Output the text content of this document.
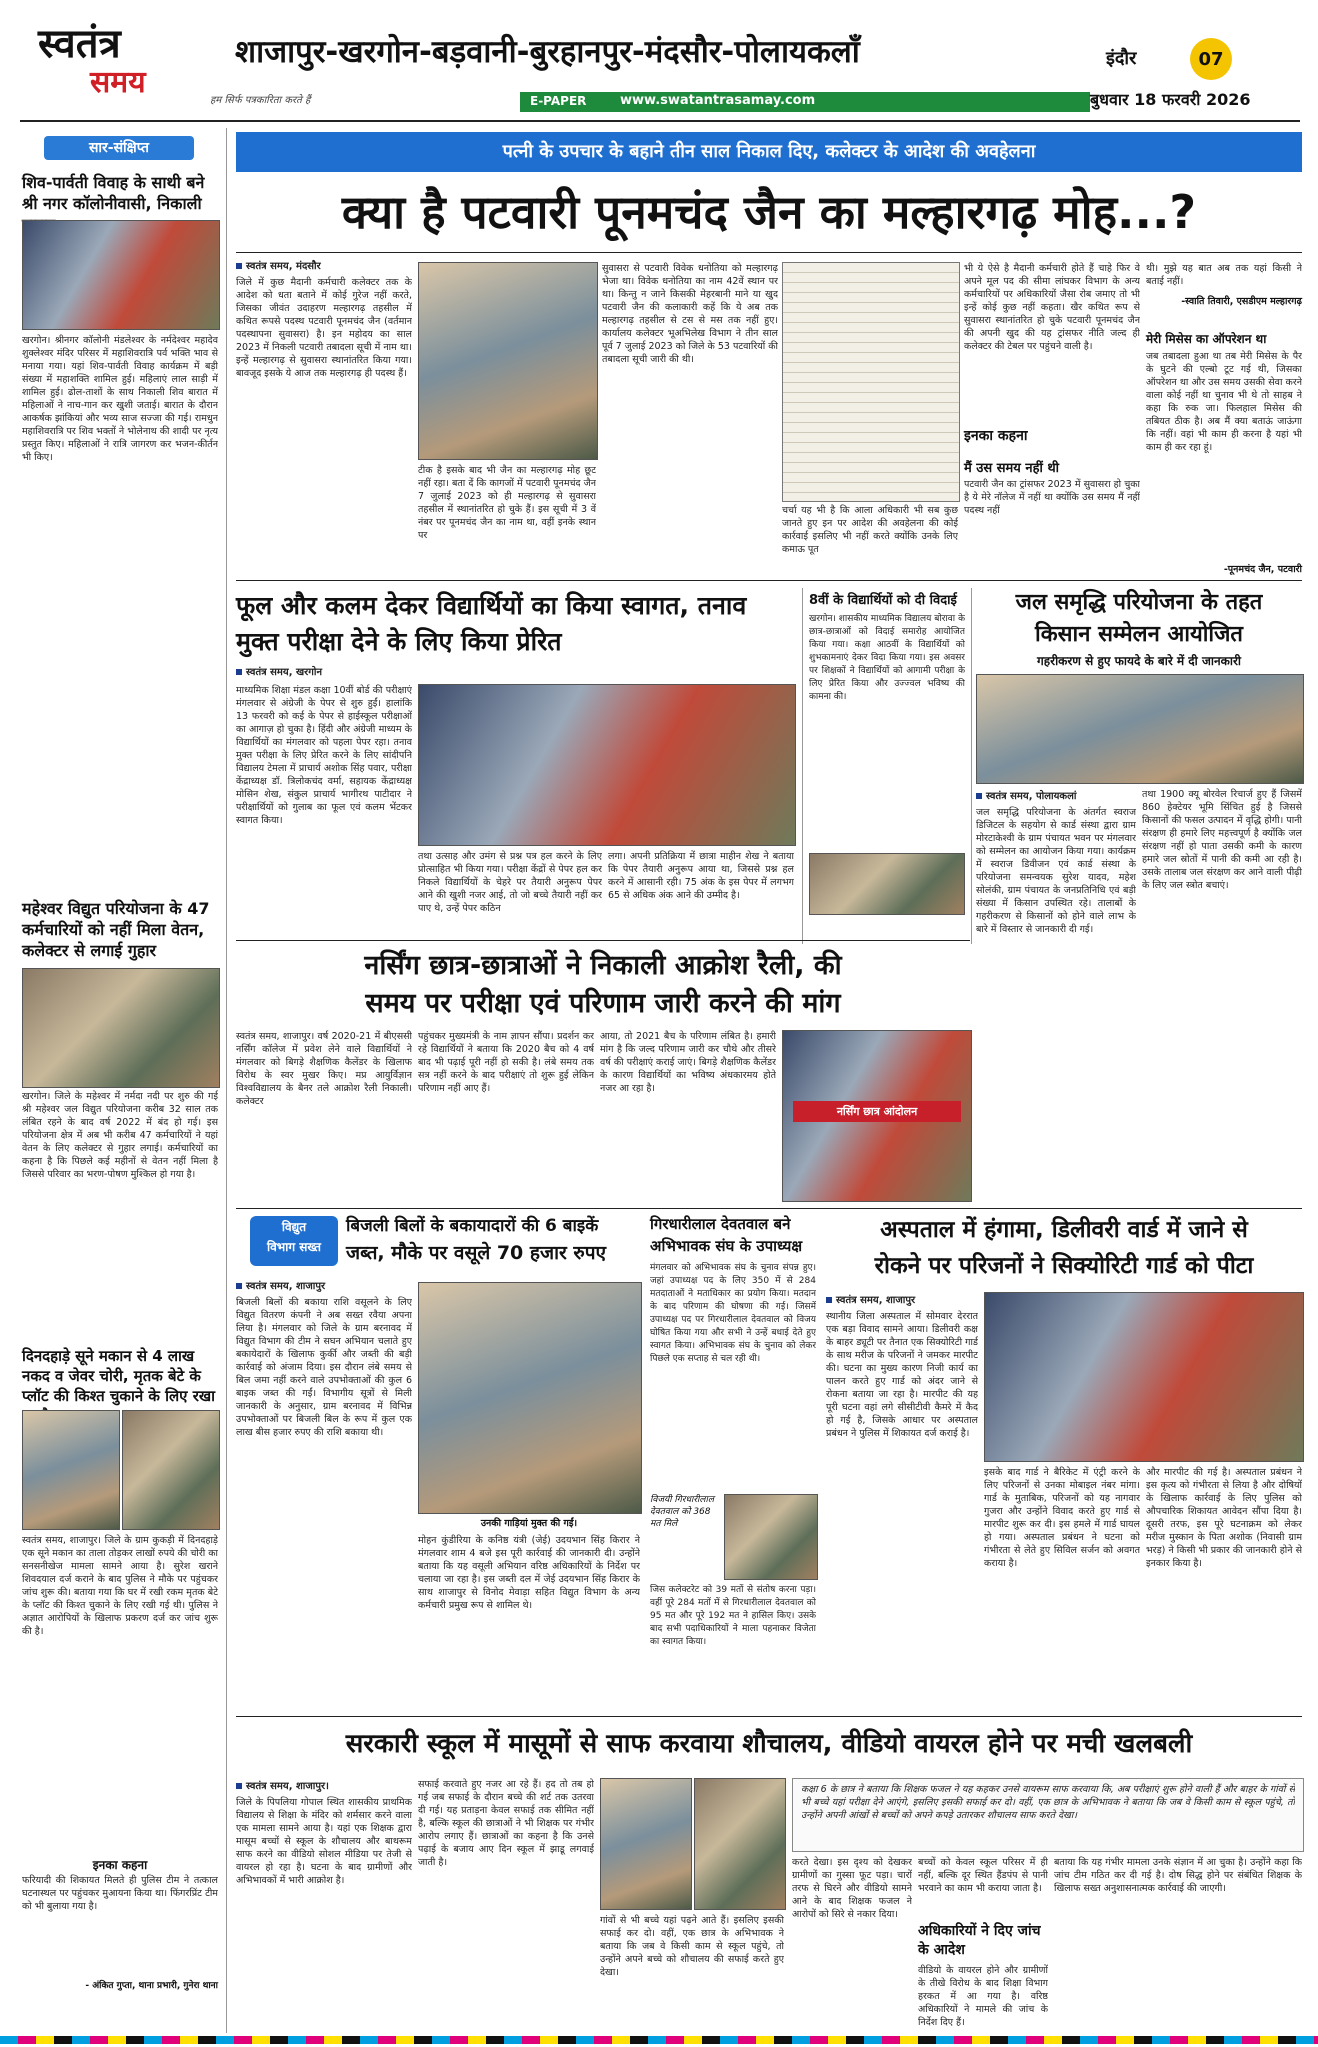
स्वतंत्र
समय
हम सिर्फ पत्रकारिता करते हैं
शाजापुर-खरगोन-बड़वानी-बुरहानपुर-मंदसौर-पोलायकलाँ	इंदौर	07
E-PAPER	www.swatantrasamay.com	बुधवार 18 फरवरी 2026
सार-संक्षिप्त
शिव-पार्वती विवाह के साथी बने श्री नगर कॉलोनीवासी, निकाली
खरगोन। श्रीनगर कॉलोनी मंडलेश्वर के नर्मदेश्वर महादेव शुक्लेश्वर मंदिर परिसर में महाशिवरात्रि पर्व भक्ति भाव से मनाया गया। यहां शिव-पार्वती विवाह कार्यक्रम में बड़ी संख्या में महाशक्ति शामिल हुई। महिलाएं लाल साड़ी में शामिल हुई। ढोल-ताशों के साथ निकाली शिव बारात में महिलाओं ने नाच-गान कर खुशी जताई। बारात के दौरान आकर्षक झांकियां और भव्य साज सज्जा की गई। रामधुन महाशिवरात्रि पर शिव भक्तों ने भोलेनाथ की शादी पर नृत्य प्रस्तुत किए। महिलाओं ने रात्रि जागरण कर भजन-कीर्तन भी किए।
महेश्वर विद्युत परियोजना के 47 कर्मचारियों को नहीं मिला वेतन, कलेक्टर से लगाई गुहार
खरगोन। जिले के महेश्वर में नर्मदा नदी पर शुरु की गई श्री महेश्वर जल विद्युत परियोजना करीब 32 साल तक लंबित रहने के बाद वर्ष 2022 में बंद हो गई। इस परियोजना क्षेत्र में अब भी करीब 47 कर्मचारियों ने यहां वेतन के लिए कलेक्टर से गुहार लगाई। कर्मचारियों का कहना है कि पिछले कई महीनों से वेतन नहीं मिला है जिससे परिवार का भरण-पोषण मुश्किल हो गया है।
दिनदहाड़े सूने मकान से 4 लाख नकद व जेवर चोरी, मृतक बेटे के प्लॉट की किश्त चुकाने के लिए रखा
स्वतंत्र समय, शाजापुर। जिले के ग्राम कुकड़ी में दिनदहाड़े एक सूने मकान का ताला तोड़कर लाखों रुपये की चोरी का सनसनीखेज मामला सामने आया है। सुरेश खराने शिवदयाल दर्ज कराने के बाद पुलिस ने मौके पर पहुंचकर जांच शुरू की। बताया गया कि घर में रखी रकम मृतक बेटे के प्लॉट की किश्त चुकाने के लिए रखी गई थी। पुलिस ने अज्ञात आरोपियों के खिलाफ प्रकरण दर्ज कर जांच शुरू की है।
इनका कहना
फरियादी की शिकायत मिलते ही पुलिस टीम ने तत्काल घटनास्थल पर पहुंचकर मुआयना किया था। फिंगरप्रिंट टीम को भी बुलाया गया है।
- अंकित गुप्ता, थाना प्रभारी, गुनेरा थाना
पत्नी के उपचार के बहाने तीन साल निकाल दिए, कलेक्टर के आदेश की अवहेलना
क्या है पटवारी पूनमचंद जैन का मल्हारगढ़ मोह...?
स्वतंत्र समय, मंदसौर
जिले में कुछ मैदानी कर्मचारी कलेक्टर तक के आदेश को धता बताने में कोई गुरेज नहीं करते, जिसका जीवंत उदाहरण मल्हारगढ़ तहसील में कथित रूपसे पदस्थ पटवारी पूनमचंद जैन (वर्तमान पदस्थापना सुवासरा) है। इन महोदय का साल 2023 में निकली पटवारी तबादला सूची में नाम था। इन्हें मल्हारगढ़ से सुवासरा स्थानांतरित किया गया। बावजूद इसके ये आज तक मल्हारगढ़ ही पदस्थ हैं।
टीक है इसके बाद भी जैन का मल्हारगढ़ मोह छूट नहीं रहा। बता दें कि कागजों में पटवारी पूनमचंद जैन 7 जुलाई 2023 को ही मल्हारगढ़ से सुवासरा तहसील में स्थानांतरित हो चुके हैं। इस सूची में 3 वें नंबर पर पूनमचंद जैन का नाम था, वहीं इनके स्थान पर
सुवासरा से पटवारी विवेक धनोतिया को मल्हारगढ़ भेजा था। विवेक धनोतिया का नाम 42वें स्थान पर था। किन्तु न जाने किसकी मेहरबानी माने या खुद पटवारी जैन की कलाकारी कहें कि ये अब तक मल्हारगढ़ तहसील से टस से मस तक नहीं हुए। कार्यालय कलेक्टर भूअभिलेख विभाग ने तीन साल पूर्व 7 जुलाई 2023 को जिले के 53 पटवारियों की तबादला सूची जारी की थी।
चर्चा यह भी है कि आला अधिकारी भी सब कुछ जानते हुए इन पर आदेश की अवहेलना की कोई कार्रवाई इसलिए भी नहीं करते क्योंकि उनके लिए कमाऊ पूत
भी ये ऐसे है मैदानी कर्मचारी होते हैं चाहे फिर वे अपने मूल पद की सीमा लांघकर विभाग के अन्य कर्मचारियों पर अधिकारियों जैसा रोब जमाए तो भी इन्हें कोई कुछ नहीं कहता। खैर कथित रूप से सुवासरा स्थानांतरित हो चुके पटवारी पूनमचंद जैन की अपनी खुद की यह ट्रांसफर नीति जल्द ही कलेक्टर की टेबल पर पहुंचने वाली है।
इनका कहना
मैं उस समय नहीं थी
पटवारी जैन का ट्रांसफर 2023 में सुवासरा हो चुका है ये मेरे नॉलेज में नहीं था क्योंकि उस समय मैं नहीं पदस्थ नहीं
थी। मुझे यह बात अब तक यहां किसी ने बताई नहीं।
-स्वाति तिवारी, एसडीएम मल्हारगढ़
मेरी मिसेस का ऑपरेशन था
जब तबादला हुआ था तब मेरी मिसेस के पैर के घुटने की एल्बो टूट गई थी, जिसका ऑपरेशन था और उस समय उसकी सेवा करने वाला कोई नहीं था चुनाव भी थे तो साहब ने कहा कि रुक जा। फिलहाल मिसेस की तबियत ठीक है। अब मैं क्या बताऊं जाऊंगा कि नहीं। वहां भी काम ही करना है यहां भी काम ही कर रहा हूं।
-पूनमचंद जैन, पटवारी
फूल और कलम देकर विद्यार्थियों का किया स्वागत, तनाव मुक्त परीक्षा देने के लिए किया प्रेरित
स्वतंत्र समय, खरगोन
माध्यमिक शिक्षा मंडल कक्षा 10वीं बोर्ड की परीक्षाएं मंगलवार से अंग्रेजी के पेपर से शुरु हुईं। हालांकि 13 फरवरी को कई के पेपर से हाईस्कूल परीक्षाओं का आगाज़ हो चुका है। हिंदी और अंग्रेजी माध्यम के विद्यार्थियों का मंगलवार को पहला पेपर रहा। तनाव मुक्त परीक्षा के लिए प्रेरित करने के लिए सांदीपनि विद्यालय टेमला में प्राचार्य अशोक सिंह पवार, परीक्षा केंद्राध्यक्ष डॉ. त्रिलोकचंद वर्मा, सहायक केंद्राध्यक्ष मोसिन शेख, संकुल प्राचार्य भागीरथ पाटीदार ने परीक्षार्थियों को गुलाब का फूल एवं कलम भेंटकर स्वागत किया।
तथा उत्साह और उमंग से प्रश्न पत्र हल करने के लिए प्रोत्साहित भी किया गया। परीक्षा केंद्रों से पेपर हल कर निकले विद्यार्थियों के चेहरे पर तैयारी अनुरूप पेपर आने की खुशी नजर आई, तो जो बच्चे तैयारी नहीं कर पाए थे, उन्हें पेपर कठिन
लगा। अपनी प्रतिक्रिया में छात्रा माहीन शेख ने बताया कि पेपर तैयारी अनुरूप आया था, जिससे प्रश्न हल करने में आसानी रही। 75 अंक के इस पेपर में लगभग 65 से अधिक अंक आने की उम्मीद है।
8वीं के विद्यार्थियों को दी विदाई
खरगोन। शासकीय माध्यमिक विद्यालय बोरावा के छात्र-छात्राओं को विदाई समारोह आयोजित किया गया। कक्षा आठवीं के विद्यार्थियों को शुभकामनाएं देकर विदा किया गया। इस अवसर पर शिक्षकों ने विद्यार्थियों को आगामी परीक्षा के लिए प्रेरित किया और उज्ज्वल भविष्य की कामना की।
जल समृद्धि परियोजना के तहत
किसान सम्मेलन आयोजित
गहरीकरण से हुए फायदे के बारे में दी जानकारी
स्वतंत्र समय, पोलायकलां
जल समृद्धि परियोजना के अंतर्गत स्वराज डिजिटल के सहयोग से कार्ड संस्था द्वारा ग्राम मोरटाकेश्वी के ग्राम पंचायत भवन पर मंगलवार को सम्मेलन का आयोजन किया गया। कार्यक्रम में स्वराज डिवीजन एवं कार्ड संस्था के परियोजना समन्वयक सुरेश यादव, महेश सोलंकी, ग्राम पंचायत के जनप्रतिनिधि एवं बड़ी संख्या में किसान उपस्थित रहे। तालाबों के गहरीकरण से किसानों को होने वाले लाभ के बारे में विस्तार से जानकारी दी गई।
तथा 1900 क्यू बोरवेल रिचार्ज हुए हैं जिसमें 860 हेक्टेयर भूमि सिंचित हुई है जिससे किसानों की फसल उत्पादन में वृद्धि होगी। पानी संरक्षण ही हमारे लिए महत्त्वपूर्ण है क्योंकि जल संरक्षण नहीं हो पाता उसकी कमी के कारण हमारे जल स्रोतों में पानी की कमी आ रही है। उसके तालाब जल संरक्षण कर आने वाली पीढ़ी के लिए जल स्त्रोत बचाएं।
नर्सिंग छात्र-छात्राओं ने निकाली आक्रोश रैली, की
समय पर परीक्षा एवं परिणाम जारी करने की मांग
स्वतंत्र समय, शाजापुर। वर्ष 2020-21 में बीएससी नर्सिंग कॉलेज में प्रवेश लेने वाले विद्यार्थियों ने मंगलवार को बिगड़े शैक्षणिक कैलेंडर के खिलाफ विरोध के स्वर मुखर किए। मप्र आयुर्विज्ञान विश्वविद्यालय के बैनर तले आक्रोश रैली निकाली। कलेक्टर
पहुंचकर मुख्यमंत्री के नाम ज्ञापन सौंपा। प्रदर्शन कर रहे विद्यार्थियों ने बताया कि 2020 बैच को 4 वर्ष बाद भी पढ़ाई पूरी नहीं हो सकी है। लंबे समय तक सत्र नहीं करने के बाद परीक्षाएं तो शुरू हुई लेकिन परिणाम नहीं आए हैं।
आया, तो 2021 बैच के परिणाम लंबित है। हमारी मांग है कि जल्द परिणाम जारी कर चौथे और तीसरे वर्ष की परीक्षाएं कराई जाएं। बिगड़े शैक्षणिक कैलेंडर के कारण विद्यार्थियों का भविष्य अंधकारमय होते नजर आ रहा है।
नर्सिंग छात्र आंदोलन
विद्युत
विभाग सख्त
बिजली बिलों के बकायादारों की 6 बाइकें
जब्त, मौके पर वसूले 70 हजार रुपए
स्वतंत्र समय, शाजापुर
बिजली बिलों की बकाया राशि वसूलने के लिए विद्युत वितरण कंपनी ने अब सख्त रवैया अपना लिया है। मंगलवार को जिले के ग्राम बरनावद में विद्युत विभाग की टीम ने सघन अभियान चलाते हुए बकायेदारों के खिलाफ कुर्की और जब्ती की बड़ी कार्रवाई को अंजाम दिया। इस दौरान लंबे समय से बिल जमा नहीं करने वाले उपभोक्ताओं की कुल 6 बाइक जब्त की गईं। विभागीय सूत्रों से मिली जानकारी के अनुसार, ग्राम बरनावद में विभिन्न उपभोक्ताओं पर बिजली बिल के रूप में कुल एक लाख बीस हजार रुपए की राशि बकाया थी।
उनकी गाड़ियां मुक्त की गईं।
मोहन कुंडीरिया के कनिष्ठ यंत्री (जेई) उदयभान सिंह किरार ने मंगलवार शाम 4 बजे इस पूरी कार्रवाई की जानकारी दी। उन्होंने बताया कि यह वसूली अभियान वरिष्ठ अधिकारियों के निर्देश पर चलाया जा रहा है। इस जब्ती दल में जेई उदयभान सिंह किरार के साथ शाजापुर से विनोद मेवाड़ा सहित विद्युत विभाग के अन्य कर्मचारी प्रमुख रूप से शामिल थे।
गिरधारीलाल देवतवाल बने
अभिभावक संघ के उपाध्यक्ष
मंगलवार को अभिभावक संघ के चुनाव संपन्न हुए। जहां उपाध्यक्ष पद के लिए 350 में से 284 मतदाताओं ने मताधिकार का प्रयोग किया। मतदान के बाद परिणाम की घोषणा की गई। जिसमें उपाध्यक्ष पद पर गिरधारीलाल देवतवाल को विजय घोषित किया गया और सभी ने उन्हें बधाई देते हुए स्वागत किया। अभिभावक संघ के चुनाव को लेकर पिछले एक सप्ताह से चल रही थी।
विजयी गिरधारीलाल देवतवाल को 368 मत मिले
जिस कलेक्टरेट को 39 मतों से संतोष करना पड़ा। वहीं पूरे 284 मतों में से गिरधारीलाल देवतवाल को 95 मत और पूरे 192 मत ने हासिल किए। उसके बाद सभी पदाधिकारियों ने माला पहनाकर विजेता का स्वागत किया।
अस्पताल में हंगामा, डिलीवरी वार्ड में जाने से
रोकने पर परिजनों ने सिक्योरिटी गार्ड को पीटा
स्वतंत्र समय, शाजापुर
स्थानीय जिला अस्पताल में सोमवार देररात एक बड़ा विवाद सामने आया। डिलीवरी कक्ष के बाहर ड्यूटी पर तैनात एक सिक्योरिटी गार्ड के साथ मरीज के परिजनों ने जमकर मारपीट की। घटना का मुख्य कारण निजी कार्य का पालन करते हुए गार्ड को अंदर जाने से रोकना बताया जा रहा है। मारपीट की यह पूरी घटना वहां लगे सीसीटीवी कैमरे में कैद हो गई है, जिसके आधार पर अस्पताल प्रबंधन ने पुलिस में शिकायत दर्ज कराई है।
इसके बाद गार्ड ने बैरिकेट में एंट्री करने के लिए परिजनों से उनका मोबाइल नंबर मांगा। गार्ड के मुताबिक, परिजनों को यह नागवार गुजरा और उन्होंने विवाद करते हुए गार्ड से मारपीट शुरू कर दी। इस हमले में गार्ड घायल हो गया। अस्पताल प्रबंधन ने घटना को गंभीरता से लेते हुए सिविल सर्जन को अवगत कराया है।
और मारपीट की गई है। अस्पताल प्रबंधन ने इस कृत्य को गंभीरता से लिया है और दोषियों के खिलाफ कार्रवाई के लिए पुलिस को औपचारिक शिकायत आवेदन सौंपा दिया है। दूसरी तरफ, इस पूरे घटनाक्रम को लेकर मरीज मुस्कान के पिता अशोक (निवासी ग्राम भरड़) ने किसी भी प्रकार की जानकारी होने से इनकार किया है।
सरकारी स्कूल में मासूमों से साफ करवाया शौचालय, वीडियो वायरल होने पर मची खलबली
स्वतंत्र समय, शाजापुर।
जिले के पिपलिया गोपाल स्थित शासकीय प्राथमिक विद्यालय से शिक्षा के मंदिर को शर्मसार करने वाला एक मामला सामने आया है। यहां एक शिक्षक द्वारा मासूम बच्चों से स्कूल के शौचालय और बाथरूम साफ करने का वीडियो सोशल मीडिया पर तेजी से वायरल हो रहा है। घटना के बाद ग्रामीणों और अभिभावकों में भारी आक्रोश है।
सफाई करवाते हुए नजर आ रहे हैं। हद तो तब हो गई जब सफाई के दौरान बच्चे की शर्ट तक उतरवा दी गई। यह प्रताड़ना केवल सफाई तक सीमित नहीं है, बल्कि स्कूल की छात्राओं ने भी शिक्षक पर गंभीर आरोप लगाए हैं। छात्राओं का कहना है कि उनसे पढ़ाई के बजाय आए दिन स्कूल में झाडू लगवाई जाती है।
गांवों से भी बच्चे यहां पढ़ने आते हैं। इसलिए इसकी सफाई कर दो। वहीं, एक छात्र के अभिभावक ने बताया कि जब वे किसी काम से स्कूल पहुंचे, तो उन्होंने अपने बच्चे को शौचालय की सफाई करते हुए देखा।
कक्षा 6 के छात्र ने बताया कि शिक्षक फजल ने यह कहकर उनसे वायरूम साफ करवाया कि, अब परीक्षाएं शुरू होने वाली हैं और बाहर के गांवों से भी बच्चे यहां परीक्षा देने आएंगे, इसलिए इसकी सफाई कर दो। वहीं, एक छात्र के अभिभावक ने बताया कि जब वे किसी काम से स्कूल पहुंचे, तो उन्होंने अपनी आंखों से बच्चों को अपने कपड़े उतारकर शौचालय साफ करते देखा।
करते देखा। इस दृश्य को देखकर ग्रामीणों का गुस्सा फूट पड़ा। चारों तरफ से घिरने और वीडियो सामने आने के बाद शिक्षक फजल ने आरोपों को सिरे से नकार दिया।
बच्चों को केवल स्कूल परिसर में ही नहीं, बल्कि दूर स्थित हैंडपंप से पानी भरवाने का काम भी कराया जाता है।
अधिकारियों ने दिए जांच के आदेश
वीडियो के वायरल होने और ग्रामीणों के तीखे विरोध के बाद शिक्षा विभाग हरकत में आ गया है। वरिष्ठ अधिकारियों ने मामले की जांच के निर्देश दिए हैं।
बताया कि यह गंभीर मामला उनके संज्ञान में आ चुका है। उन्होंने कहा कि जांच टीम गठित कर दी गई है। दोष सिद्ध होने पर संबंधित शिक्षक के खिलाफ सख्त अनुशासनात्मक कार्रवाई की जाएगी।
